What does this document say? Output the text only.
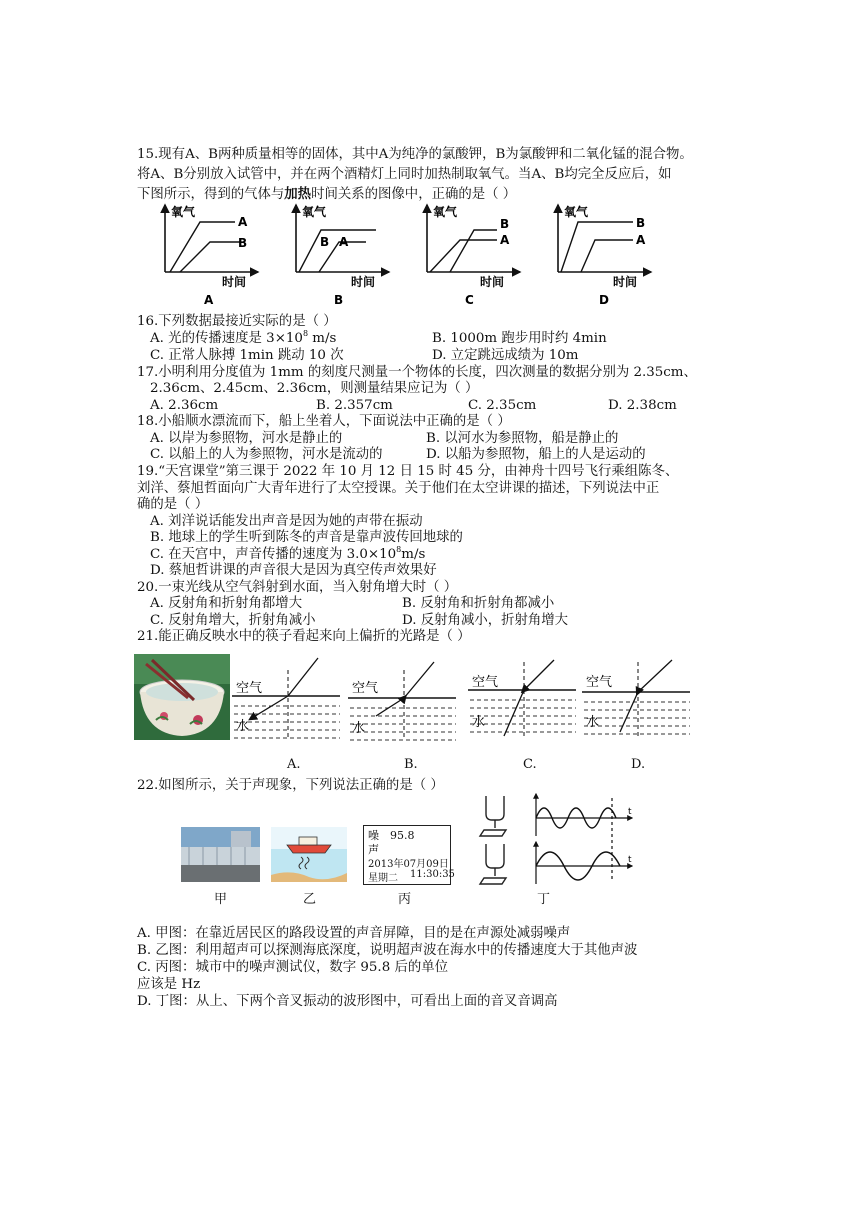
15.现有A、B两种质量相等的固体，其中A为纯净的氯酸钾，B为氯酸钾和二氧化锰的混合物。
将A、B分别放入试管中，并在两个酒精灯上同时加热制取氧气。当A、B均完全反应后，如
下图所示，得到的气体与加热时间关系的图像中，正确的是（ ）
氧气
A
B
时间
A
氧气
B A
时间
B
氧气
B
A
时间
C
氧气
B
A
时间
D
16.下列数据最接近实际的是（ ）
A. 光的传播速度是 $3\times 10^8$ m/s	B. 1000m 跑步用时约 4min
C. 正常人脉搏 1min 跳动 10 次	D. 立定跳远成绩为 10m
17.小明利用分度值为 1mm 的刻度尺测量一个物体的长度，四次测量的数据分别为 2.35cm、
2.36cm、2.45cm、2.36cm，则测量结果应记为（ ）
A. 2.36cm	B. 2.357cm	C. 2.35cm	D. 2.38cm
18.小船顺水漂流而下，船上坐着人，下面说法中正确的是（ ）
A. 以岸为参照物，河水是静止的	B. 以河水为参照物，船是静止的
C. 以船上的人为参照物，河水是流动的	D. 以船为参照物，船上的人是运动的
19.“天宫课堂”第三课于 2022 年 10 月 12 日 15 时 45 分，由神舟十四号飞行乘组陈冬、
刘洋、蔡旭哲面向广大青年进行了太空授课。关于他们在太空讲课的描述，下列说法中正
确的是（ ）
A. 刘洋说话能发出声音是因为她的声带在振动
B. 地球上的学生听到陈冬的声音是靠声波传回地球的
C. 在天宫中，声音传播的速度为 $3.0\times 10^8m/s$
D. 蔡旭哲讲课的声音很大是因为真空传声效果好
20.一束光线从空气斜射到水面，当入射角增大时（ ）
A. 反射角和折射角都增大	B. 反射角和折射角都减小
C. 反射角增大，折射角减小	D. 反射角减小，折射角增大
21.能正确反映水中的筷子看起来向上偏折的光路是（ ）
空气
水
空气
水
空气
水
空气
水
A.	B.	C.	D.
22.如图所示，关于声现象，下列说法正确的是（ ）
噪 95.8
声
2013年07月09日
星期二 11:30:35
t
t
甲	乙	丙	丁
A. 甲图：在靠近居民区的路段设置的声音屏障，目的是在声源处减弱噪声
B. 乙图：利用超声可以探测海底深度，说明超声波在海水中的传播速度大于其他声波
C. 丙图：城市中的噪声测试仪，数字 95.8 后的单位
应该是 Hz
D. 丁图：从上、下两个音叉振动的波形图中，可看出上面的音叉音调高
